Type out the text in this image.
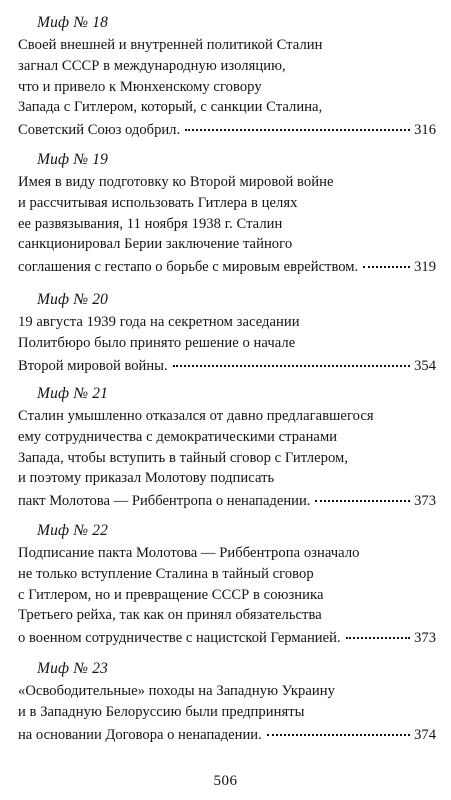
Миф № 18
Своей внешней и внутренней политикой Сталин
загнал СССР в международную изоляцию,
что и привело к Мюнхенскому сговору
Запада с Гитлером, который, с санкции Сталина,
Советский Союз одобрил.	316
Миф № 19
Имея в виду подготовку ко Второй мировой войне
и рассчитывая использовать Гитлера в целях
ее развязывания, 11 ноября 1938 г. Сталин
санкционировал Берии заключение тайного
соглашения с гестапо о борьбе с мировым еврейством.	319
Миф № 20
19 августа 1939 года на секретном заседании
Политбюро было принято решение о начале
Второй мировой войны.	354
Миф № 21
Сталин умышленно отказался от давно предлагавшегося
ему сотрудничества с демократическими странами
Запада, чтобы вступить в тайный сговор с Гитлером,
и поэтому приказал Молотову подписать
пакт Молотова — Риббентропа о ненападении.	373
Миф № 22
Подписание пакта Молотова — Риббентропа означало
не только вступление Сталина в тайный сговор
с Гитлером, но и превращение СССР в союзника
Третьего рейха, так как он принял обязательства
о военном сотрудничестве с нацистской Германией.	373
Миф № 23
«Освободительные» походы на Западную Украину
и в Западную Белоруссию были предприняты
на основании Договора о ненападении.	374
506
